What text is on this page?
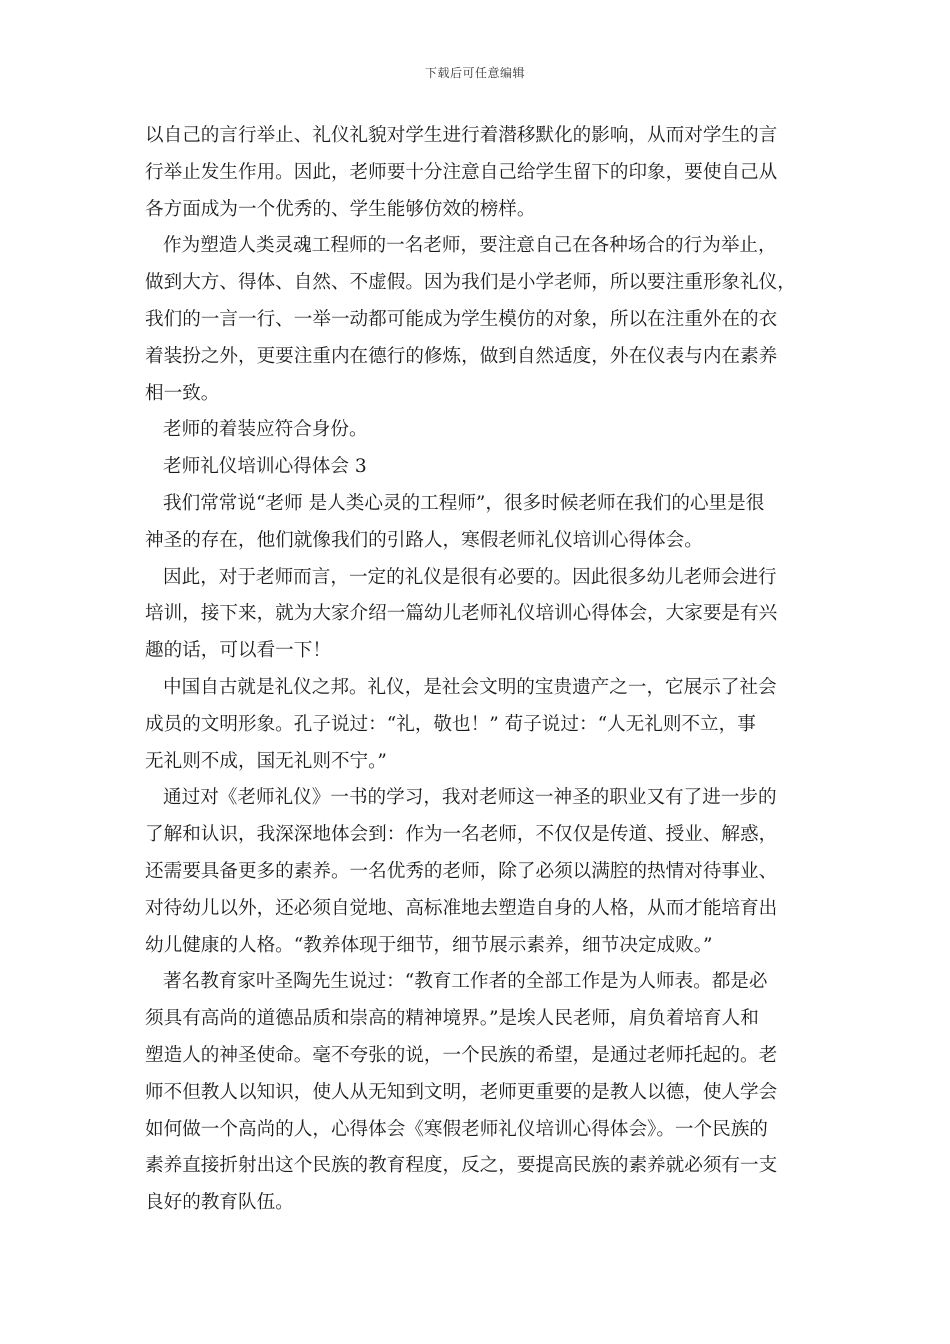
下载后可任意编辑
以自己的言行举止、礼仪礼貌对学生进行着潜移默化的影响，从而对学生的言
行举止发生作用。因此，老师要十分注意自己给学生留下的印象，要使自己从
各方面成为一个优秀的、学生能够仿效的榜样。
作为塑造人类灵魂工程师的一名老师，要注意自己在各种场合的行为举止，
做到大方、得体、自然、不虚假。因为我们是小学老师，所以要注重形象礼仪，
我们的一言一行、一举一动都可能成为学生模仿的对象，所以在注重外在的衣
着装扮之外，更要注重内在德行的修炼，做到自然适度，外在仪表与内在素养
相一致。
老师的着装应符合身份。
老师礼仪培训心得体会 3
我们常常说“老师 是人类心灵的工程师”，很多时候老师在我们的心里是很
神圣的存在，他们就像我们的引路人，寒假老师礼仪培训心得体会。
因此，对于老师而言，一定的礼仪是很有必要的。因此很多幼儿老师会进行
培训，接下来，就为大家介绍一篇幼儿老师礼仪培训心得体会，大家要是有兴
趣的话，可以看一下！
中国自古就是礼仪之邦。礼仪，是社会文明的宝贵遗产之一，它展示了社会
成员的文明形象。孔子说过：“礼，敬也！” 荀子说过：“人无礼则不立，事
无礼则不成，国无礼则不宁。”
通过对《老师礼仪》一书的学习，我对老师这一神圣的职业又有了进一步的
了解和认识，我深深地体会到：作为一名老师，不仅仅是传道、授业、解惑，
还需要具备更多的素养。一名优秀的老师，除了必须以满腔的热情对待事业、
对待幼儿以外，还必须自觉地、高标准地去塑造自身的人格，从而才能培育出
幼儿健康的人格。“教养体现于细节，细节展示素养，细节决定成败。”
著名教育家叶圣陶先生说过：“教育工作者的全部工作是为人师表。都是必
须具有高尚的道德品质和崇高的精神境界。”是埃人民老师，肩负着培育人和
塑造人的神圣使命。毫不夸张的说，一个民族的希望，是通过老师托起的。老
师不但教人以知识，使人从无知到文明，老师更重要的是教人以德，使人学会
如何做一个高尚的人，心得体会《寒假老师礼仪培训心得体会》。一个民族的
素养直接折射出这个民族的教育程度，反之，要提高民族的素养就必须有一支
良好的教育队伍。
